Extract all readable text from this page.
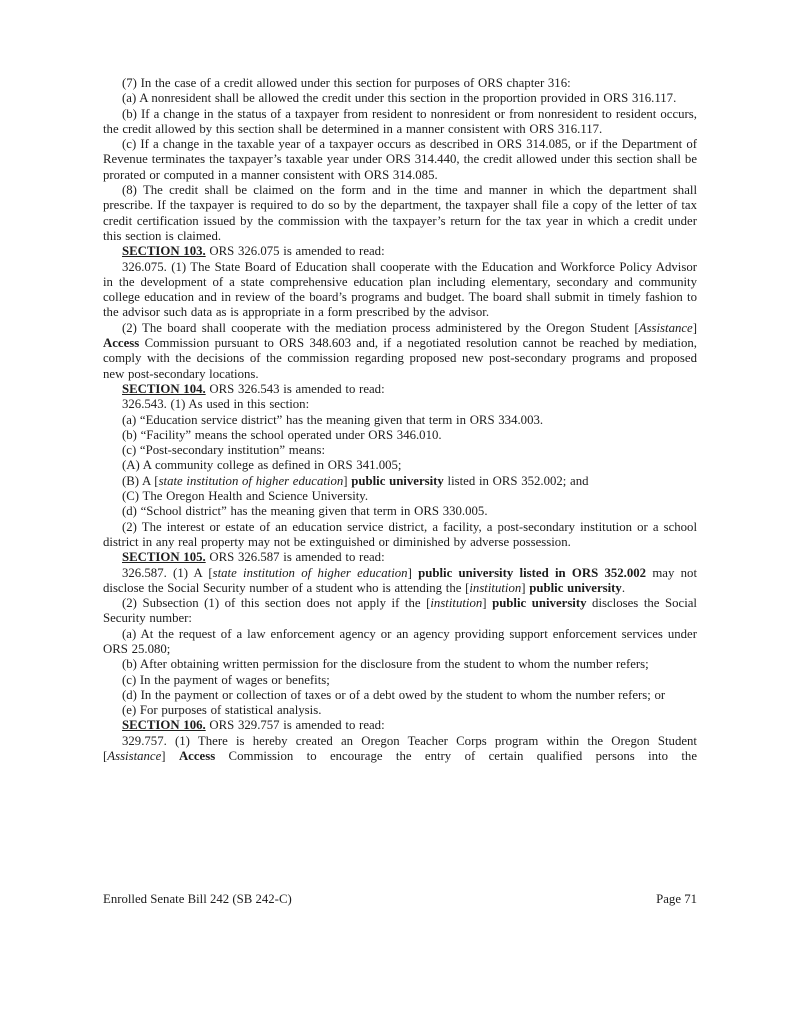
(7) In the case of a credit allowed under this section for purposes of ORS chapter 316:

(a) A nonresident shall be allowed the credit under this section in the proportion provided in ORS 316.117.

(b) If a change in the status of a taxpayer from resident to nonresident or from nonresident to resident occurs, the credit allowed by this section shall be determined in a manner consistent with ORS 316.117.

(c) If a change in the taxable year of a taxpayer occurs as described in ORS 314.085, or if the Department of Revenue terminates the taxpayer’s taxable year under ORS 314.440, the credit allowed under this section shall be prorated or computed in a manner consistent with ORS 314.085.

(8) The credit shall be claimed on the form and in the time and manner in which the department shall prescribe. If the taxpayer is required to do so by the department, the taxpayer shall file a copy of the letter of tax credit certification issued by the commission with the taxpayer’s return for the tax year in which a credit under this section is claimed.

SECTION 103. ORS 326.075 is amended to read:

326.075. (1) The State Board of Education shall cooperate with the Education and Workforce Policy Advisor in the development of a state comprehensive education plan including elementary, secondary and community college education and in review of the board’s programs and budget. The board shall submit in timely fashion to the advisor such data as is appropriate in a form prescribed by the advisor.

(2) The board shall cooperate with the mediation process administered by the Oregon Student [Assistance] Access Commission pursuant to ORS 348.603 and, if a negotiated resolution cannot be reached by mediation, comply with the decisions of the commission regarding proposed new post-secondary programs and proposed new post-secondary locations.

SECTION 104. ORS 326.543 is amended to read:

326.543. (1) As used in this section:

(a) “Education service district” has the meaning given that term in ORS 334.003.

(b) “Facility” means the school operated under ORS 346.010.

(c) “Post-secondary institution” means:

(A) A community college as defined in ORS 341.005;

(B) A [state institution of higher education] public university listed in ORS 352.002; and

(C) The Oregon Health and Science University.

(d) “School district” has the meaning given that term in ORS 330.005.

(2) The interest or estate of an education service district, a facility, a post-secondary institution or a school district in any real property may not be extinguished or diminished by adverse possession.

SECTION 105. ORS 326.587 is amended to read:

326.587. (1) A [state institution of higher education] public university listed in ORS 352.002 may not disclose the Social Security number of a student who is attending the [institution] public university.

(2) Subsection (1) of this section does not apply if the [institution] public university discloses the Social Security number:

(a) At the request of a law enforcement agency or an agency providing support enforcement services under ORS 25.080;

(b) After obtaining written permission for the disclosure from the student to whom the number refers;

(c) In the payment of wages or benefits;

(d) In the payment or collection of taxes or of a debt owed by the student to whom the number refers; or

(e) For purposes of statistical analysis.

SECTION 106. ORS 329.757 is amended to read:

329.757. (1) There is hereby created an Oregon Teacher Corps program within the Oregon Student [Assistance] Access Commission to encourage the entry of certain qualified persons into the

Enrolled Senate Bill 242 (SB 242-C)	Page 71
